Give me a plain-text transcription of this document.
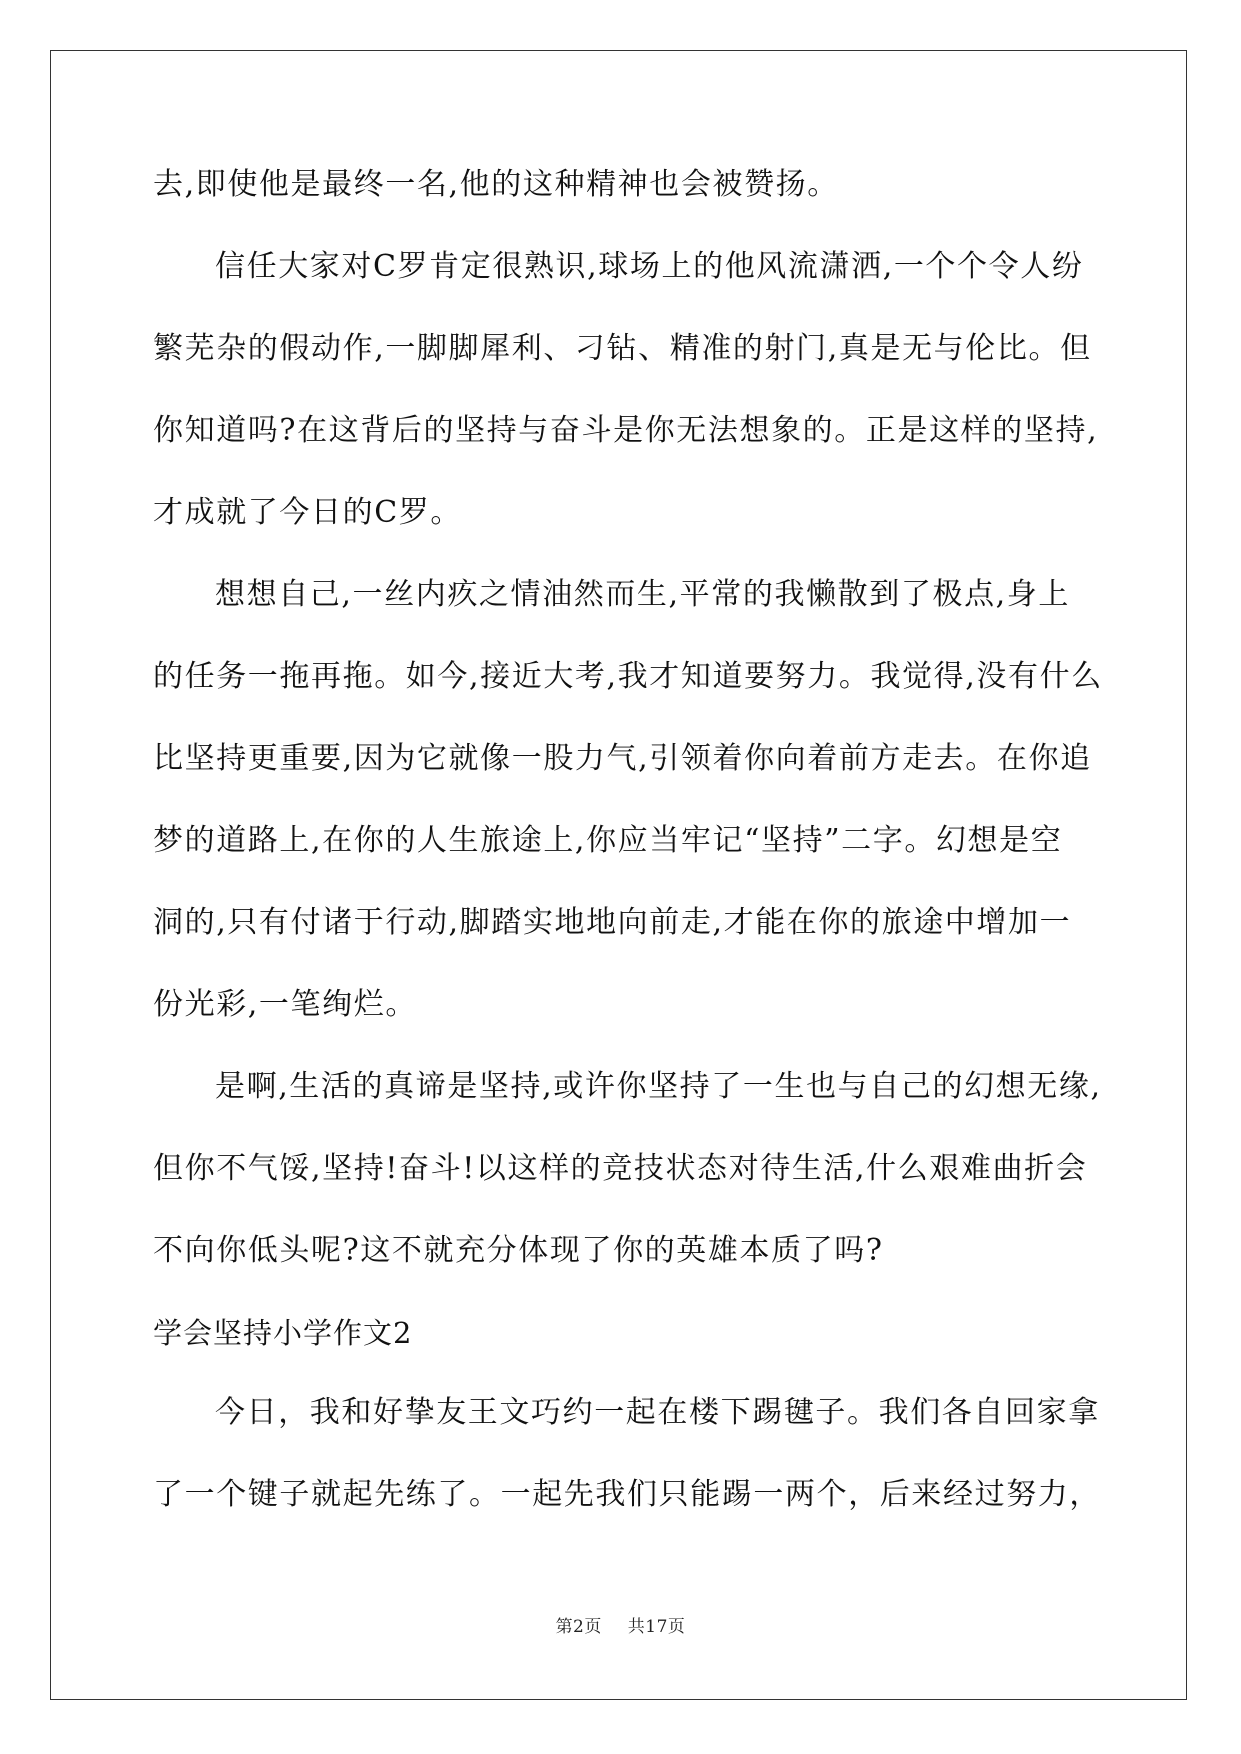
去,即使他是最终一名,他的这种精神也会被赞扬。
信任大家对C罗肯定很熟识,球场上的他风流潇洒,一个个令人纷
繁芜杂的假动作,一脚脚犀利、刁钻、精准的射门,真是无与伦比。但
你知道吗?在这背后的坚持与奋斗是你无法想象的。正是这样的坚持,
才成就了今日的C罗。
想想自己,一丝内疚之情油然而生,平常的我懒散到了极点,身上
的任务一拖再拖。如今,接近大考,我才知道要努力。我觉得,没有什么
比坚持更重要,因为它就像一股力气,引领着你向着前方走去。在你追
梦的道路上,在你的人生旅途上,你应当牢记“坚持”二字。幻想是空
洞的,只有付诸于行动,脚踏实地地向前走,才能在你的旅途中增加一
份光彩,一笔绚烂。
是啊,生活的真谛是坚持,或许你坚持了一生也与自己的幻想无缘,
但你不气馁,坚持!奋斗!以这样的竞技状态对待生活,什么艰难曲折会
不向你低头呢?这不就充分体现了你的英雄本质了吗?
学会坚持小学作文2
今日，我和好挚友王文巧约一起在楼下踢毽子。我们各自回家拿
了一个键子就起先练了。一起先我们只能踢一两个，后来经过努力，
第2页 共17页
